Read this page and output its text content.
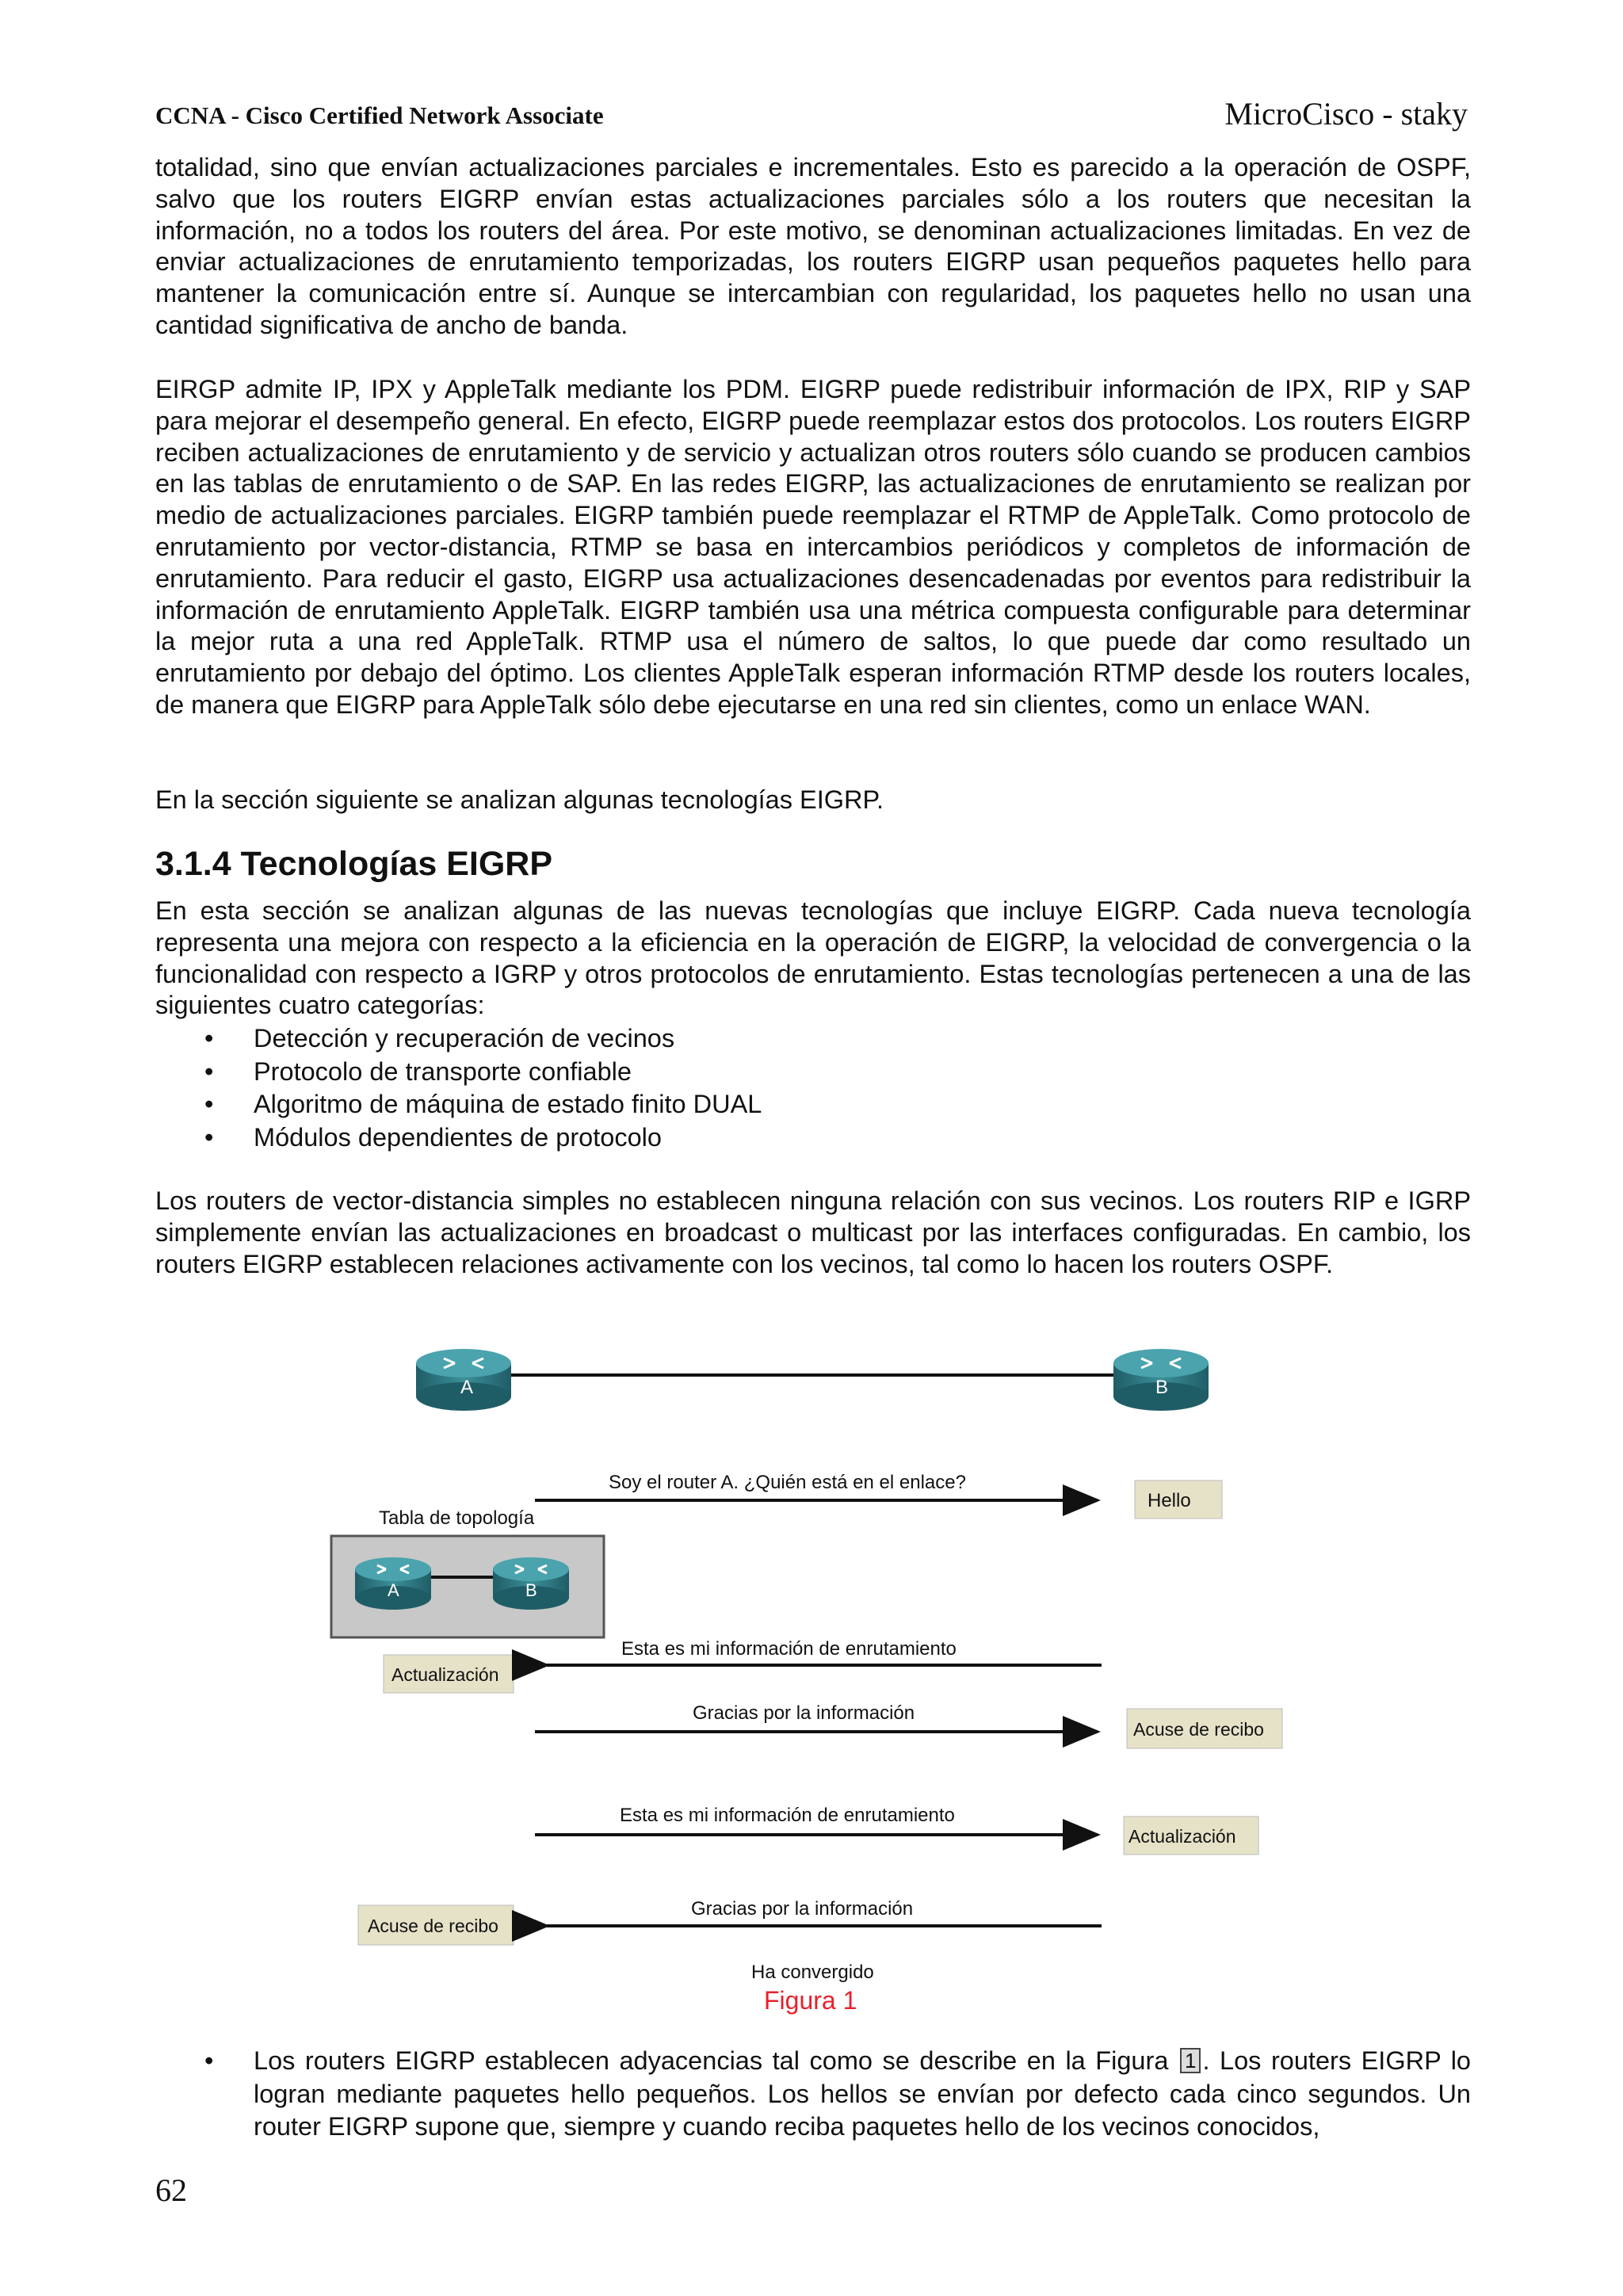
CCNA - Cisco Certified Network Associate	MicroCisco - staky

totalidad, sino que envían actualizaciones parciales e incrementales. Esto es parecido a la operación de OSPF, salvo que los routers EIGRP envían estas actualizaciones parciales sólo a los routers que necesitan la información, no a todos los routers del área. Por este motivo, se denominan actualizaciones limitadas. En vez de enviar actualizaciones de enrutamiento temporizadas, los routers EIGRP usan pequeños paquetes hello para mantener la comunicación entre sí. Aunque se intercambian con regularidad, los paquetes hello no usan una cantidad significativa de ancho de banda.

EIRGP admite IP, IPX y AppleTalk mediante los PDM. EIGRP puede redistribuir información de IPX, RIP y SAP para mejorar el desempeño general. En efecto, EIGRP puede reemplazar estos dos protocolos. Los routers EIGRP reciben actualizaciones de enrutamiento y de servicio y actualizan otros routers sólo cuando se producen cambios en las tablas de enrutamiento o de SAP. En las redes EIGRP, las actualizaciones de enrutamiento se realizan por medio de actualizaciones parciales. EIGRP también puede reemplazar el RTMP de AppleTalk. Como protocolo de enrutamiento por vector-distancia, RTMP se basa en intercambios periódicos y completos de información de enrutamiento. Para reducir el gasto, EIGRP usa actualizaciones desencadenadas por eventos para redistribuir la información de enrutamiento AppleTalk. EIGRP también usa una métrica compuesta configurable para determinar la mejor ruta a una red AppleTalk. RTMP usa el número de saltos, lo que puede dar como resultado un enrutamiento por debajo del óptimo. Los clientes AppleTalk esperan información RTMP desde los routers locales, de manera que EIGRP para AppleTalk sólo debe ejecutarse en una red sin clientes, como un enlace WAN.

En la sección siguiente se analizan algunas tecnologías EIGRP.

3.1.4 Tecnologías EIGRP

En esta sección se analizan algunas de las nuevas tecnologías que incluye EIGRP. Cada nueva tecnología representa una mejora con respecto a la eficiencia en la operación de EIGRP, la velocidad de convergencia o la funcionalidad con respecto a IGRP y otros protocolos de enrutamiento. Estas tecnologías pertenecen a una de las siguientes cuatro categorías:

• Detección y recuperación de vecinos
• Protocolo de transporte confiable
• Algoritmo de máquina de estado finito DUAL
• Módulos dependientes de protocolo

Los routers de vector-distancia simples no establecen ninguna relación con sus vecinos. Los routers RIP e IGRP simplemente envían las actualizaciones en broadcast o multicast por las interfaces configuradas. En cambio, los routers EIGRP establecen relaciones activamente con los vecinos, tal como lo hacen los routers OSPF.

A	B
Soy el router A. ¿Quién está en el enlace?
Hello
Tabla de topología
A	B
Actualización
Esta es mi información de enrutamiento
Gracias por la información
Acuse de recibo
Esta es mi información de enrutamiento
Actualización
Acuse de recibo
Gracias por la información
Ha convergido
Figura 1
• Los routers EIGRP establecen adyacencias tal como se describe en la Figura 1 . Los routers EIGRP lo logran mediante paquetes hello pequeños. Los hellos se envían por defecto cada cinco segundos. Un router EIGRP supone que, siempre y cuando reciba paquetes hello de los vecinos conocidos,
62
